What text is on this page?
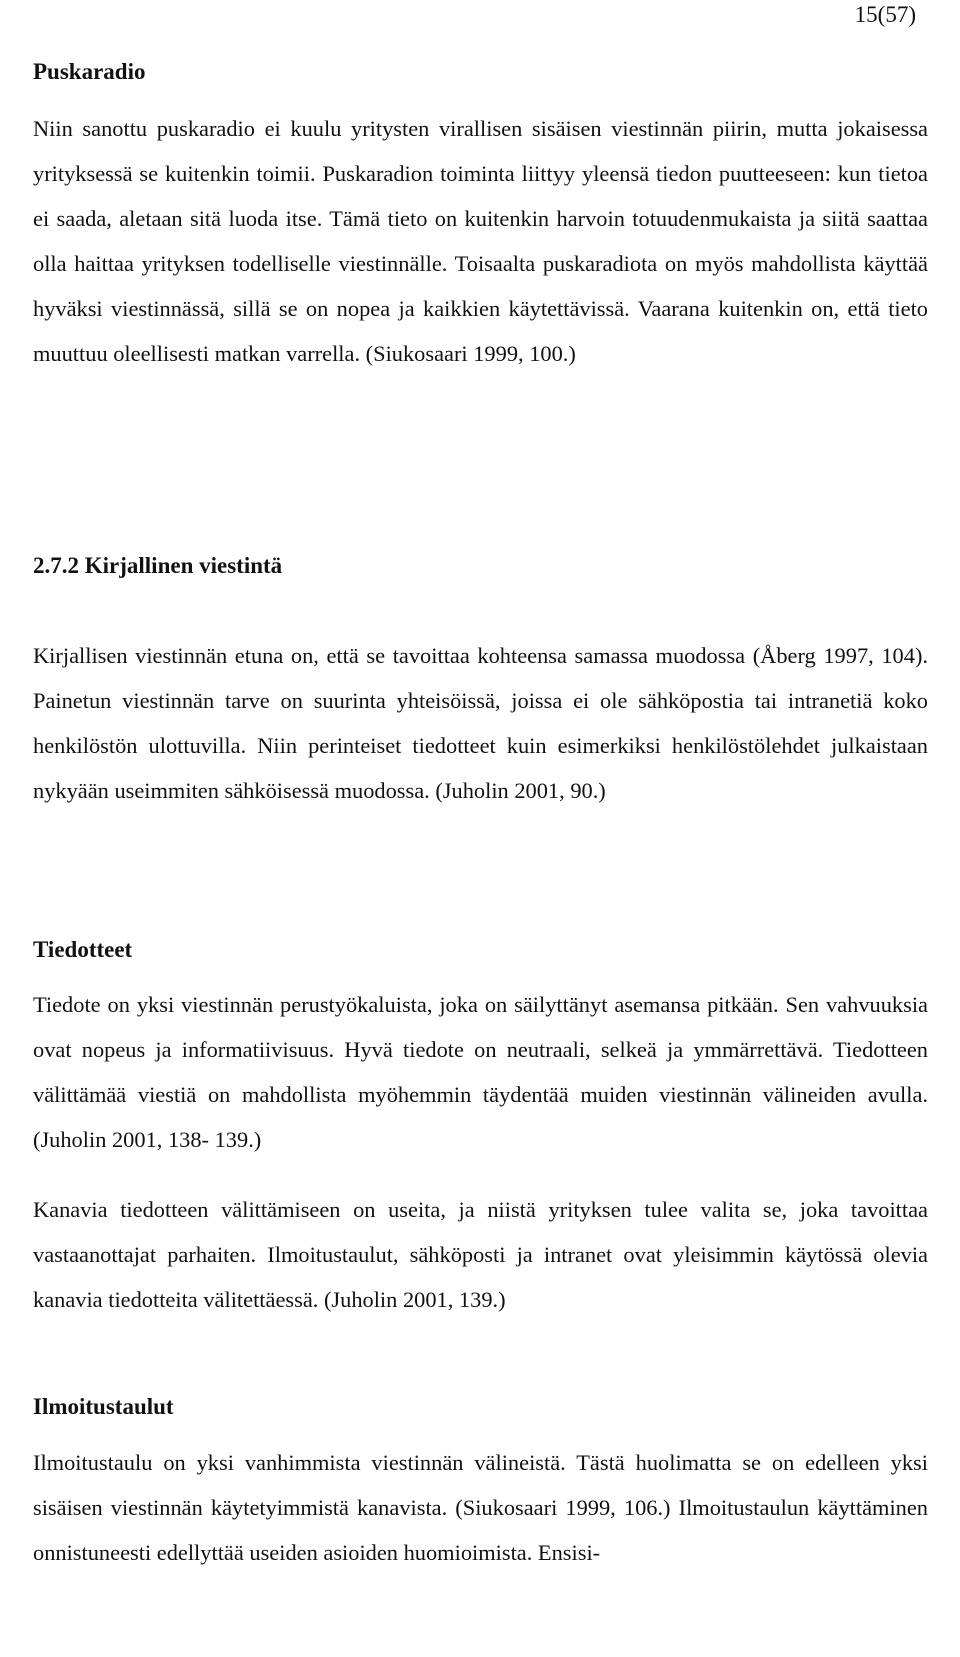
15(57)
Puskaradio

Niin sanottu puskaradio ei kuulu yritysten virallisen sisäisen viestinnän piirin, mutta jokaisessa yrityksessä se kuitenkin toimii. Puskaradion toiminta liittyy yleensä tiedon puutteeseen: kun tietoa ei saada, aletaan sitä luoda itse. Tämä tieto on kuitenkin harvoin totuudenmukaista ja siitä saattaa olla haittaa yrityksen todelliselle viestinnälle. Toisaalta puskaradiota on myös mahdollista käyttää hyväksi viestinnässä, sillä se on nopea ja kaikkien käytettävissä. Vaarana kuitenkin on, että tieto muuttuu oleellisesti matkan varrella. (Siukosaari 1999, 100.)

2.7.2 Kirjallinen viestintä

Kirjallisen viestinnän etuna on, että se tavoittaa kohteensa samassa muodossa (Åberg 1997, 104). Painetun viestinnän tarve on suurinta yhteisöissä, joissa ei ole sähköpostia tai intranetiä koko henkilöstön ulottuvilla. Niin perinteiset tiedotteet kuin esimerkiksi henkilöstölehdet julkaistaan nykyään useimmiten sähköisessä muodossa. (Juholin 2001, 90.)

Tiedotteet

Tiedote on yksi viestinnän perustyökaluista, joka on säilyttänyt asemansa pitkään. Sen vahvuuksia ovat nopeus ja informatiivisuus. Hyvä tiedote on neutraali, selkeä ja ymmärrettävä. Tiedotteen välittämää viestiä on mahdollista myöhemmin täydentää muiden viestinnän välineiden avulla. (Juholin 2001, 138- 139.)

Kanavia tiedotteen välittämiseen on useita, ja niistä yrityksen tulee valita se, joka tavoittaa vastaanottajat parhaiten. Ilmoitustaulut, sähköposti ja intranet ovat yleisimmin käytössä olevia kanavia tiedotteita välitettäessä. (Juholin 2001, 139.)

Ilmoitustaulut

Ilmoitustaulu on yksi vanhimmista viestinnän välineistä. Tästä huolimatta se on edelleen yksi sisäisen viestinnän käytetyimmistä kanavista. (Siukosaari 1999, 106.) Ilmoitustaulun käyttäminen onnistuneesti edellyttää useiden asioiden huomioimista. Ensisi-
